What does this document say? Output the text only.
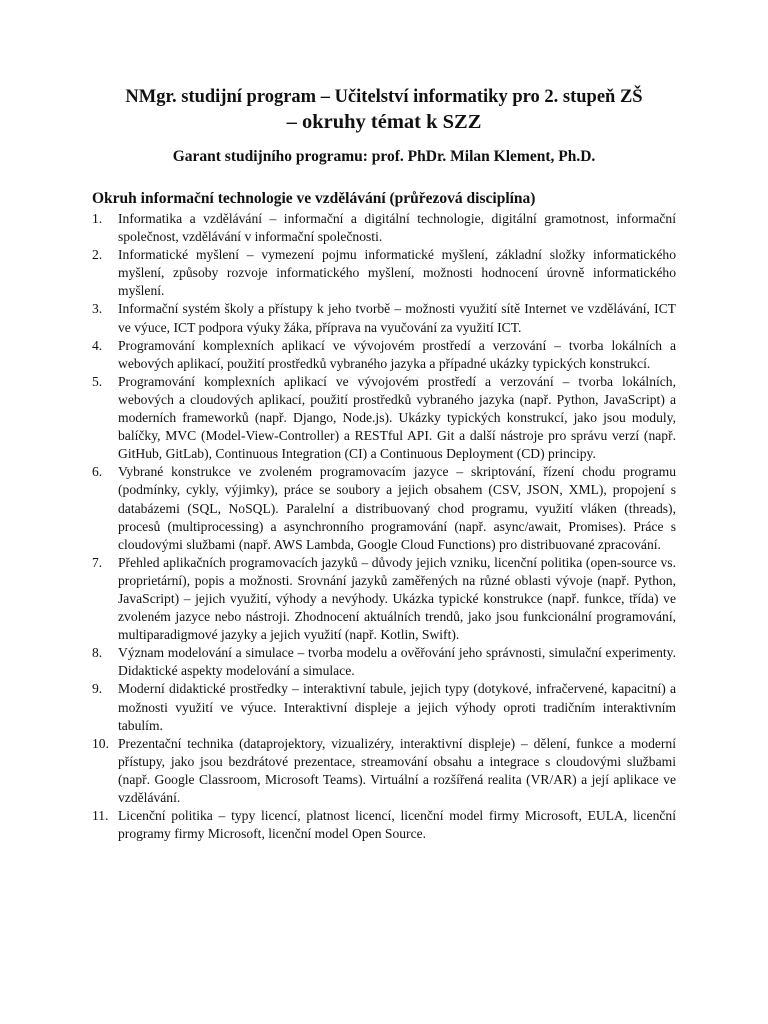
NMgr. studijní program – Učitelství informatiky pro 2. stupeň ZŠ
– okruhy témat k SZZ

Garant studijního programu: prof. PhDr. Milan Klement, Ph.D.

Okruh informační technologie ve vzdělávání (průřezová disciplína)
1. Informatika a vzdělávání – informační a digitální technologie, digitální gramotnost, informační společnost, vzdělávání v informační společnosti.
2. Informatické myšlení – vymezení pojmu informatické myšlení, základní složky informatického myšlení, způsoby rozvoje informatického myšlení, možnosti hodnocení úrovně informatického myšlení.
3. Informační systém školy a přístupy k jeho tvorbě – možnosti využití sítě Internet ve vzdělávání, ICT ve výuce, ICT podpora výuky žáka, příprava na vyučování za využití ICT.
4. Programování komplexních aplikací ve vývojovém prostředí a verzování – tvorba lokálních a webových aplikací, použití prostředků vybraného jazyka a případné ukázky typických konstrukcí.
5. Programování komplexních aplikací ve vývojovém prostředí a verzování – tvorba lokálních, webových a cloudových aplikací, použití prostředků vybraného jazyka (např. Python, JavaScript) a moderních frameworků (např. Django, Node.js). Ukázky typických konstrukcí, jako jsou moduly, balíčky, MVC (Model-View-Controller) a RESTful API. Git a další nástroje pro správu verzí (např. GitHub, GitLab), Continuous Integration (CI) a Continuous Deployment (CD) principy.
6. Vybrané konstrukce ve zvoleném programovacím jazyce – skriptování, řízení chodu programu (podmínky, cykly, výjimky), práce se soubory a jejich obsahem (CSV, JSON, XML), propojení s databázemi (SQL, NoSQL). Paralelní a distribuovaný chod programu, využití vláken (threads), procesů (multiprocessing) a asynchronního programování (např. async/await, Promises). Práce s cloudovými službami (např. AWS Lambda, Google Cloud Functions) pro distribuované zpracování.
7. Přehled aplikačních programovacích jazyků – důvody jejich vzniku, licenční politika (open-source vs. proprietární), popis a možnosti. Srovnání jazyků zaměřených na různé oblasti vývoje (např. Python, JavaScript) – jejich využití, výhody a nevýhody. Ukázka typické konstrukce (např. funkce, třída) ve zvoleném jazyce nebo nástroji. Zhodnocení aktuálních trendů, jako jsou funkcionální programování, multiparadigmové jazyky a jejich využití (např. Kotlin, Swift).
8. Význam modelování a simulace – tvorba modelu a ověřování jeho správnosti, simulační experimenty. Didaktické aspekty modelování a simulace.
9. Moderní didaktické prostředky – interaktivní tabule, jejich typy (dotykové, infračervené, kapacitní) a možnosti využití ve výuce. Interaktivní displeje a jejich výhody oproti tradičním interaktivním tabulím.
10. Prezentační technika (dataprojektory, vizualizéry, interaktivní displeje) – dělení, funkce a moderní přístupy, jako jsou bezdrátové prezentace, streamování obsahu a integrace s cloudovými službami (např. Google Classroom, Microsoft Teams). Virtuální a rozšířená realita (VR/AR) a její aplikace ve vzdělávání.
11. Licenční politika – typy licencí, platnost licencí, licenční model firmy Microsoft, EULA, licenční programy firmy Microsoft, licenční model Open Source.
